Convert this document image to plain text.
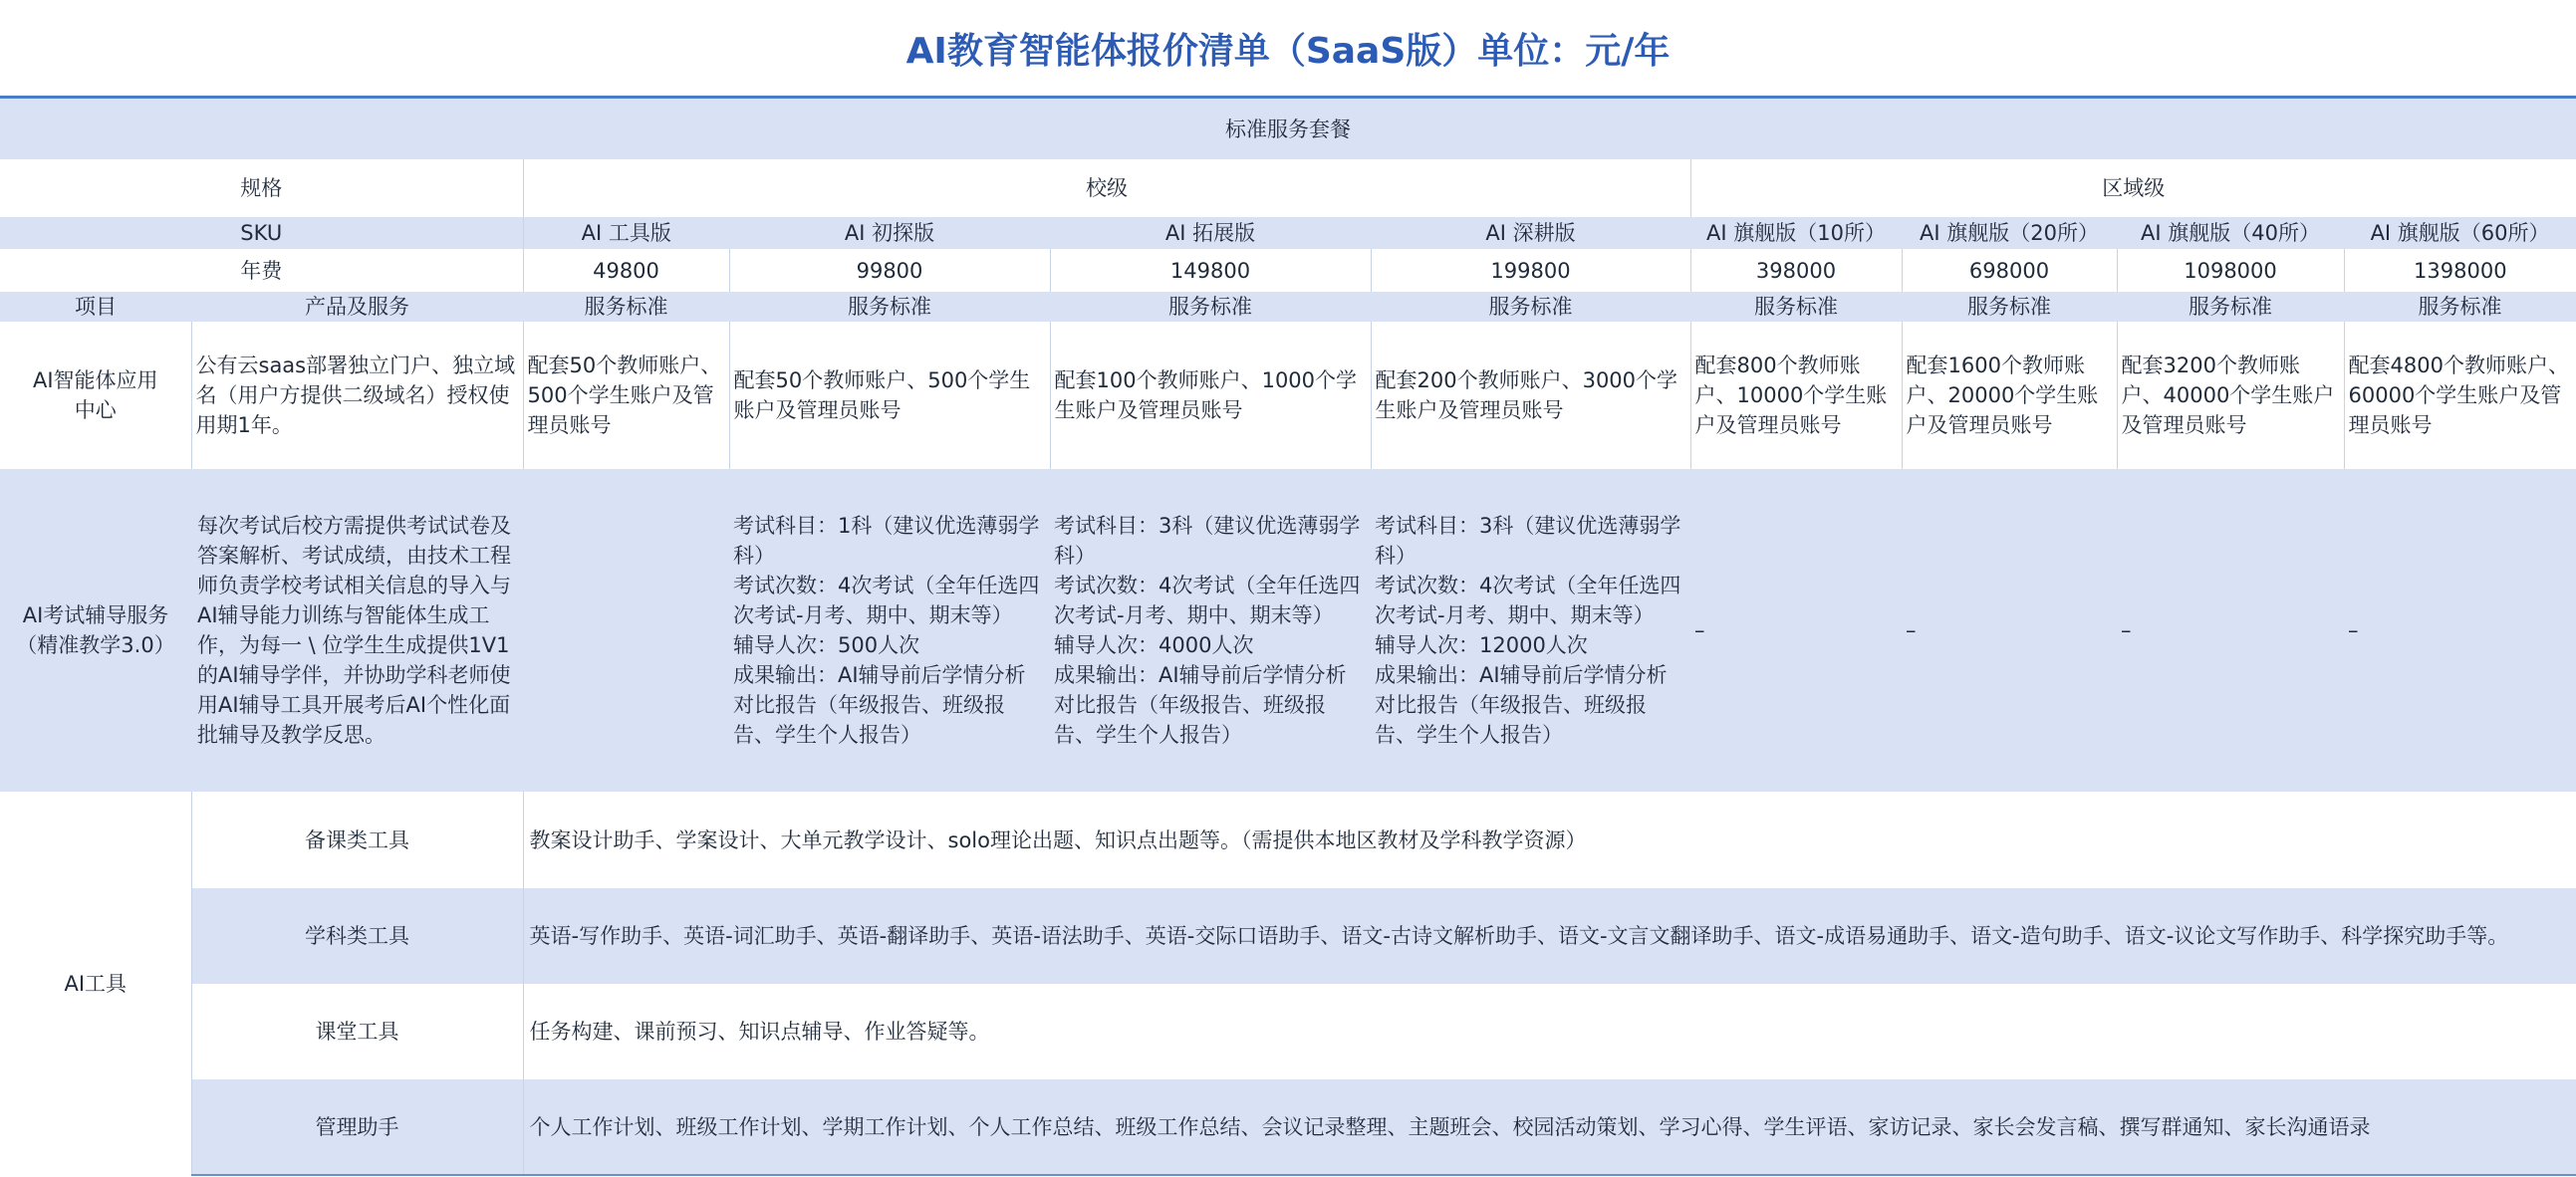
AI教育智能体报价清单（SaaS版）单位：元/年
标准服务套餐									
规格		校级				区域级			
SKU		AI 工具版	AI 初探版	AI 拓展版	AI 深耕版	AI 旗舰版（10所）	AI 旗舰版（20所）	AI 旗舰版（40所）	AI 旗舰版（60所）
年费		49800	99800	149800	199800	398000	698000	1098000	1398000
项目	产品及服务	服务标准	服务标准	服务标准	服务标准	服务标准	服务标准	服务标准	服务标准
AI智能体应用中心	公有云saas部署独立门户、独立域名（用户方提供二级域名）授权使用期1年。	配套50个教师账户、500个学生账户及管理员账号	配套50个教师账户、500个学生账户及管理员账号	配套100个教师账户、1000个学生账户及管理员账号	配套200个教师账户、3000个学生账户及管理员账号	配套800个教师账户、10000个学生账户及管理员账号	配套1600个教师账户、20000个学生账户及管理员账号	配套3200个教师账户、40000个学生账户及管理员账号	配套4800个教师账户、60000个学生账户及管理员账号
AI考试辅导服务（精准教学3.0）	每次考试后校方需提供考试试卷及答案解析、考试成绩，由技术工程师负责学校考试相关信息的导入与AI辅导能力训练与智能体生成工作，为每一 \ 位学生生成提供1V1的AI辅导学伴，并协助学科老师使用AI辅导工具开展考后AI个性化面批辅导及教学反思。		考试科目：1科（建议优选薄弱学科）
考试次数：4次考试（全年任选四次考试-月考、期中、期末等）
辅导人次：500人次
成果输出：AI辅导前后学情分析对比报告（年级报告、班级报告、学生个人报告）	考试科目：3科（建议优选薄弱学科）
考试次数：4次考试（全年任选四次考试-月考、期中、期末等）
辅导人次：4000人次
成果输出：AI辅导前后学情分析对比报告（年级报告、班级报告、学生个人报告）	考试科目：3科（建议优选薄弱学科）
考试次数：4次考试（全年任选四次考试-月考、期中、期末等）
辅导人次：12000人次
成果输出：AI辅导前后学情分析对比报告（年级报告、班级报告、学生个人报告）	–	–	–	–
AI工具	备课类工具	教案设计助手、学案设计、大单元教学设计、solo理论出题、知识点出题等。（需提供本地区教材及学科教学资源）							
	学科类工具	英语-写作助手、英语-词汇助手、英语-翻译助手、英语-语法助手、英语-交际口语助手、语文-古诗文解析助手、语文-文言文翻译助手、语文-成语易通助手、语文-造句助手、语文-议论文写作助手、科学探究助手等。							
	课堂工具	任务构建、课前预习、知识点辅导、作业答疑等。							
	管理助手	个人工作计划、班级工作计划、学期工作计划、个人工作总结、班级工作总结、会议记录整理、主题班会、校园活动策划、学习心得、学生评语、家访记录、家长会发言稿、撰写群通知、家长沟通语录							
